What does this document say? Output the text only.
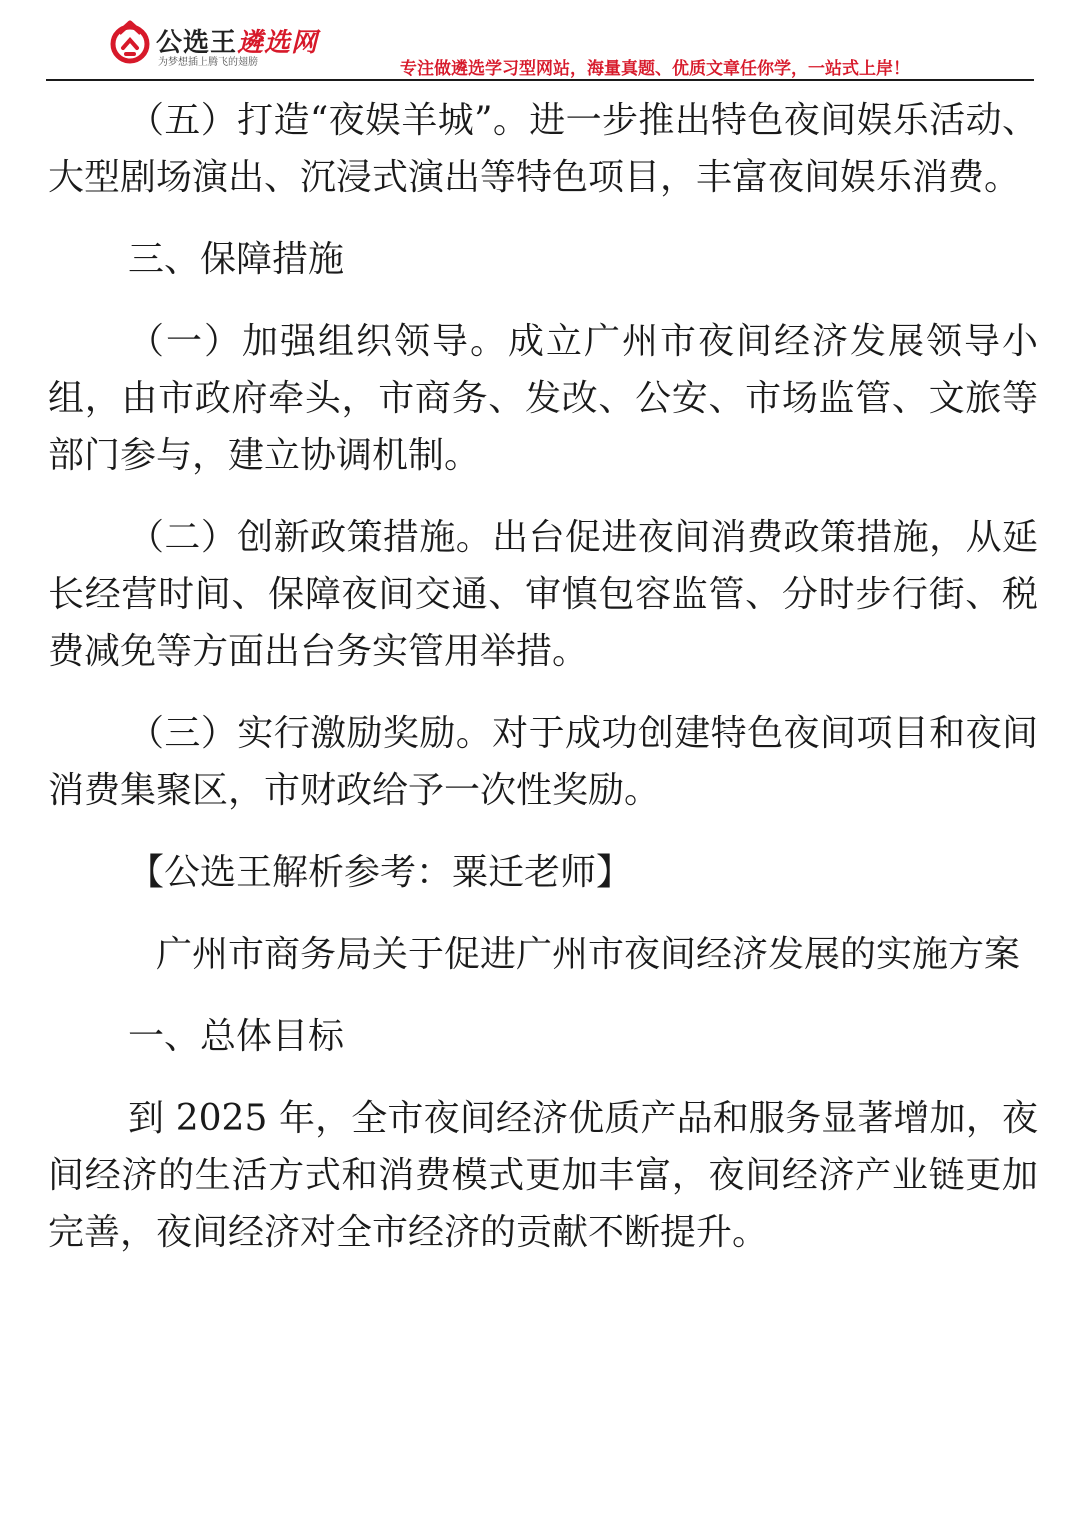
公选王遴选网
为梦想插上腾飞的翅膀	专注做遴选学习型网站，海量真题、优质文章任你学，一站式上岸！

（五）打造“夜娱羊城”。进一步推出特色夜间娱乐活动、大型剧场演出、沉浸式演出等特色项目，丰富夜间娱乐消费。

三、保障措施

（一）加强组织领导。成立广州市夜间经济发展领导小组，由市政府牵头，市商务、发改、公安、市场监管、文旅等部门参与，建立协调机制。

（二）创新政策措施。出台促进夜间消费政策措施，从延长经营时间、保障夜间交通、审慎包容监管、分时步行街、税费减免等方面出台务实管用举措。

（三）实行激励奖励。对于成功创建特色夜间项目和夜间消费集聚区，市财政给予一次性奖励。

【公选王解析参考：粟迁老师】

广州市商务局关于促进广州市夜间经济发展的实施方案

一、总体目标

到 2025 年，全市夜间经济优质产品和服务显著增加，夜间经济的生活方式和消费模式更加丰富，夜间经济产业链更加完善，夜间经济对全市经济的贡献不断提升。
